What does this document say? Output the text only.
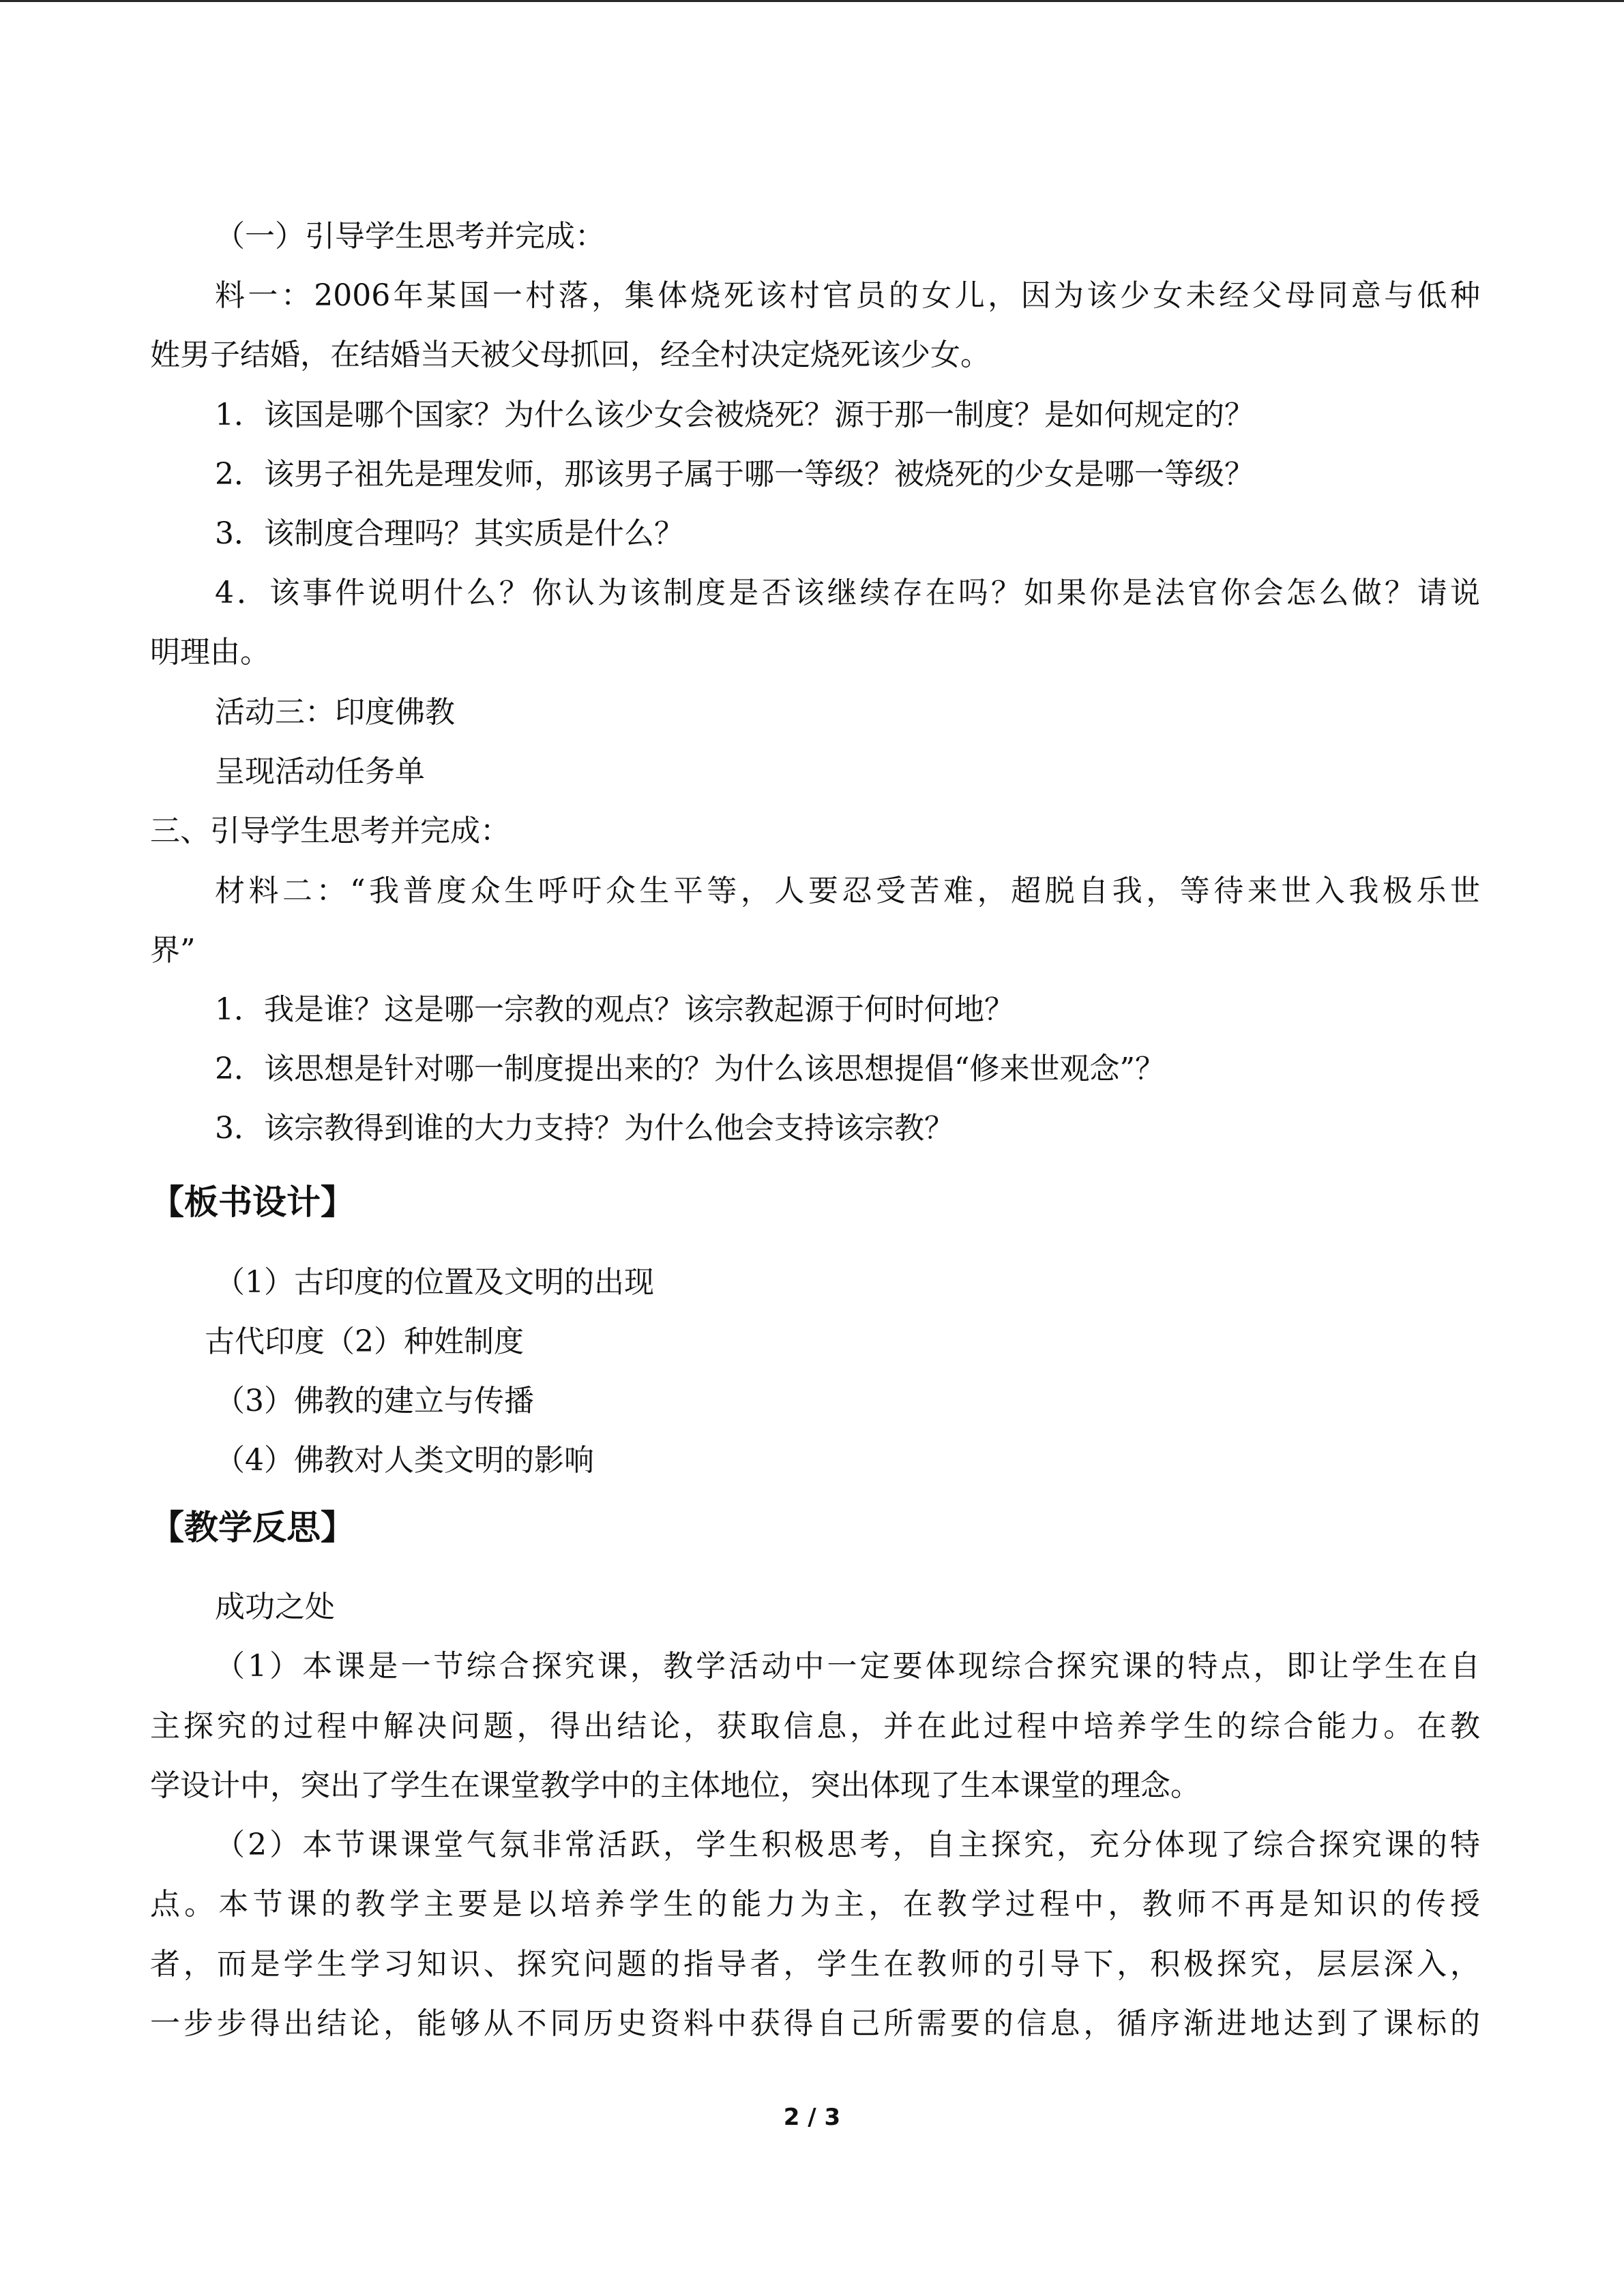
（一）引导学生思考并完成：
料一：2006年某国一村落，集体烧死该村官员的女儿，因为该少女未经父母同意与低种
姓男子结婚，在结婚当天被父母抓回，经全村决定烧死该少女。
1．该国是哪个国家？为什么该少女会被烧死？源于那一制度？是如何规定的？
2．该男子祖先是理发师，那该男子属于哪一等级？被烧死的少女是哪一等级？
3．该制度合理吗？其实质是什么？
4．该事件说明什么？你认为该制度是否该继续存在吗？如果你是法官你会怎么做？请说
明理由。
活动三：印度佛教
呈现活动任务单
三、引导学生思考并完成：
材料二：“我普度众生呼吁众生平等，人要忍受苦难，超脱自我，等待来世入我极乐世
界”
1．我是谁？这是哪一宗教的观点？该宗教起源于何时何地？
2．该思想是针对哪一制度提出来的？为什么该思想提倡“修来世观念”？
3．该宗教得到谁的大力支持？为什么他会支持该宗教？
【板书设计】
（1）古印度的位置及文明的出现
古代印度（2）种姓制度
（3）佛教的建立与传播
（4）佛教对人类文明的影响
【教学反思】
成功之处
（1）本课是一节综合探究课，教学活动中一定要体现综合探究课的特点，即让学生在自
主探究的过程中解决问题，得出结论，获取信息，并在此过程中培养学生的综合能力。在教
学设计中，突出了学生在课堂教学中的主体地位，突出体现了生本课堂的理念。
（2）本节课课堂气氛非常活跃，学生积极思考，自主探究，充分体现了综合探究课的特
点。本节课的教学主要是以培养学生的能力为主，在教学过程中，教师不再是知识的传授
者，而是学生学习知识、探究问题的指导者，学生在教师的引导下，积极探究，层层深入，
一步步得出结论，能够从不同历史资料中获得自己所需要的信息，循序渐进地达到了课标的
2 / 3
